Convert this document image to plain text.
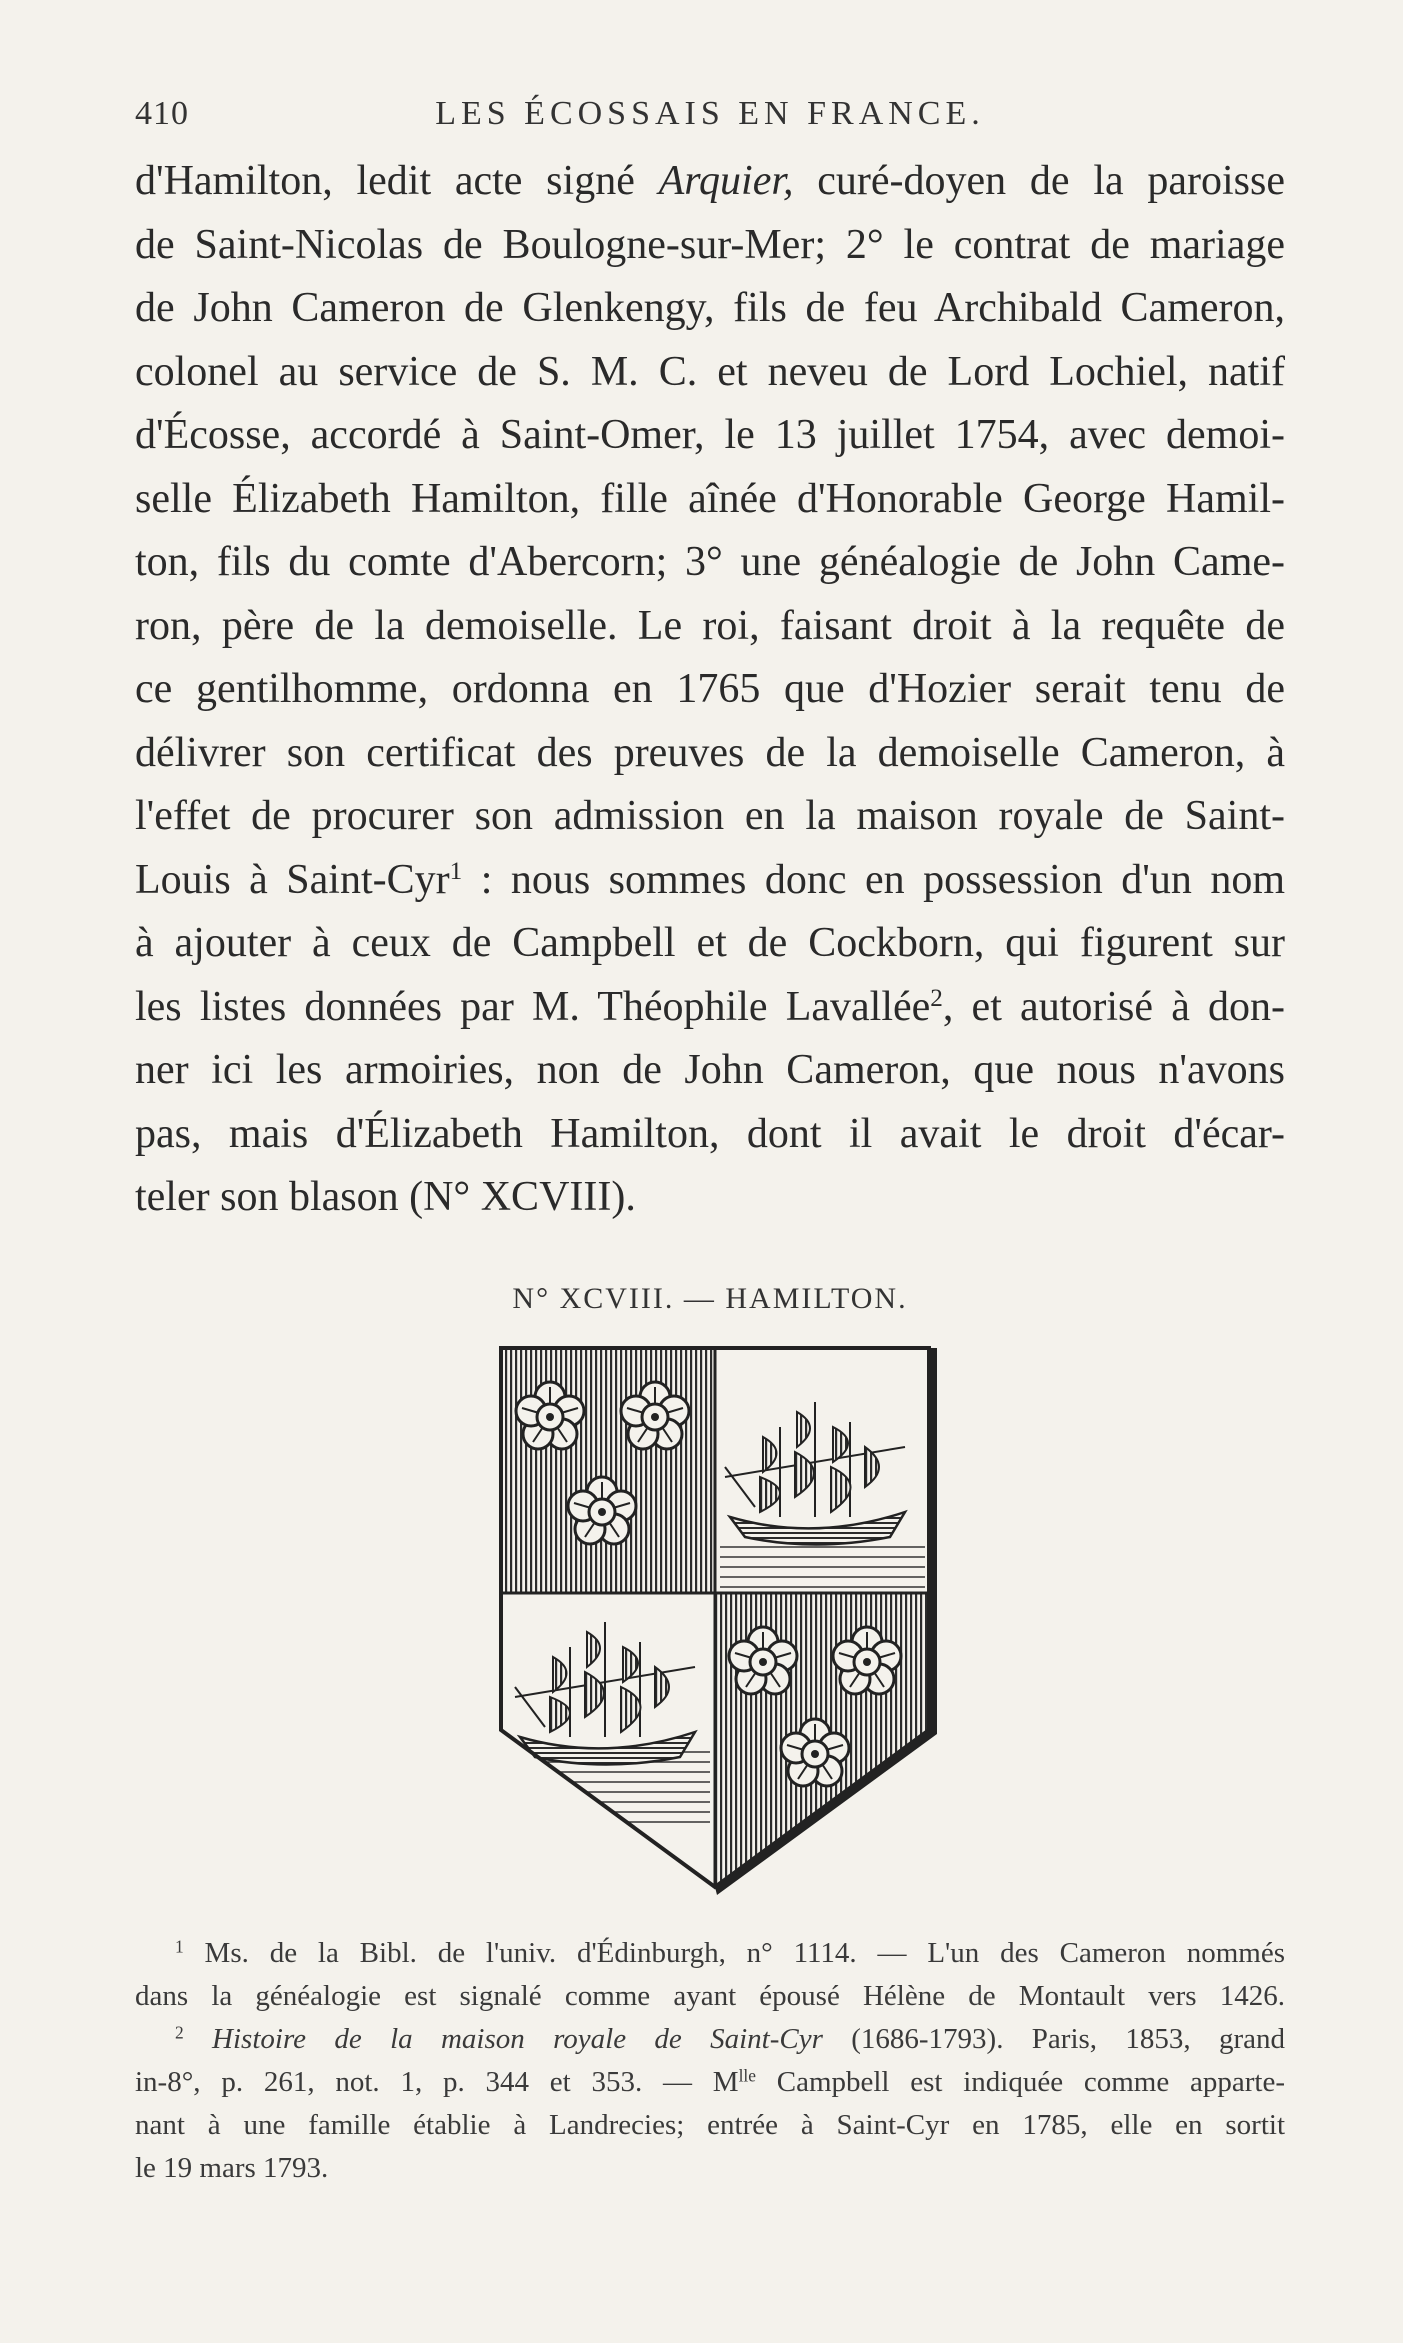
410	LES ÉCOSSAIS EN FRANCE.
d'Hamilton, ledit acte signé Arquier, curé-doyen de la paroisse
de Saint-Nicolas de Boulogne-sur-Mer; 2° le contrat de mariage
de John Cameron de Glenkengy, fils de feu Archibald Cameron,
colonel au service de S. M. C. et neveu de Lord Lochiel, natif
d'Écosse, accordé à Saint-Omer, le 13 juillet 1754, avec demoi-
selle Élizabeth Hamilton, fille aînée d'Honorable George Hamil-
ton, fils du comte d'Abercorn; 3° une généalogie de John Came-
ron, père de la demoiselle. Le roi, faisant droit à la requête de
ce gentilhomme, ordonna en 1765 que d'Hozier serait tenu de
délivrer son certificat des preuves de la demoiselle Cameron, à
l'effet de procurer son admission en la maison royale de Saint-
Louis à Saint-Cyr$^1$ : nous sommes donc en possession d'un nom
à ajouter à ceux de Campbell et de Cockborn, qui figurent sur
les listes données par M. Théophile Lavallée$^2$, et autorisé à don-
ner ici les armoiries, non de John Cameron, que nous n'avons
pas, mais d'Élizabeth Hamilton, dont il avait le droit d'écar-
teler son blason (N° XCVIII).
N° XCVIII. — HAMILTON.
$^1$ Ms. de la Bibl. de l'univ. d'Édinburgh, n° 1114. — L'un des Cameron nommés
dans la généalogie est signalé comme ayant épousé Hélène de Montault vers 1426.
$^2$ Histoire de la maison royale de Saint-Cyr (1686-1793). Paris, 1853, grand
in-8°, p. 261, not. 1, p. 344 et 353. — $M^{lle}$ Campbell est indiquée comme apparte-
nant à une famille établie à Landrecies; entrée à Saint-Cyr en 1785, elle en sortit
le 19 mars 1793.
